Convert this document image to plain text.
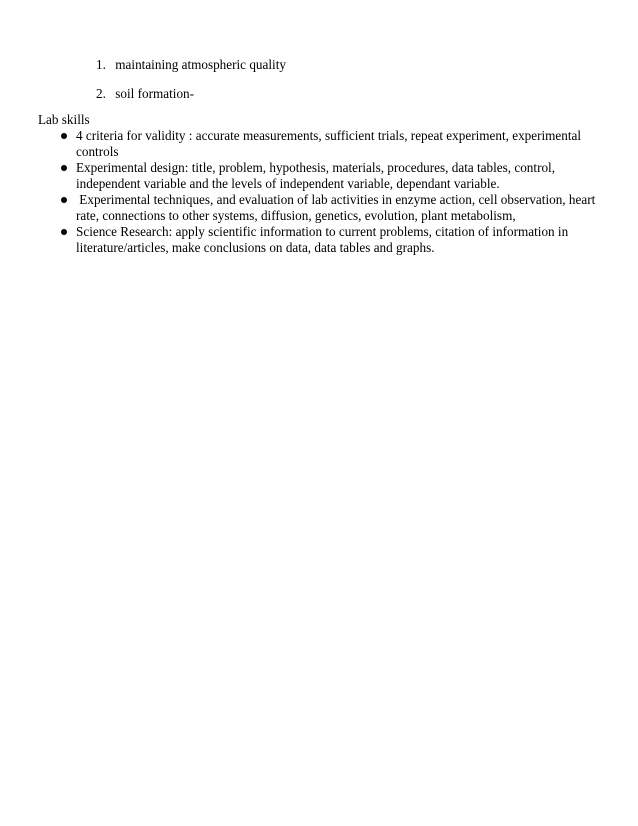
1. maintaining atmospheric quality
2. soil formation-
Lab skills
4 criteria for validity : accurate measurements, sufficient trials, repeat experiment, experimental controls
Experimental design: title, problem, hypothesis, materials, procedures, data tables, control, independent variable and the levels of independent variable, dependant variable.
Experimental techniques, and evaluation of lab activities in enzyme action, cell observation, heart rate, connections to other systems, diffusion, genetics, evolution, plant metabolism,
Science Research: apply scientific information to current problems, citation of information in literature/articles, make conclusions on data, data tables and graphs.
